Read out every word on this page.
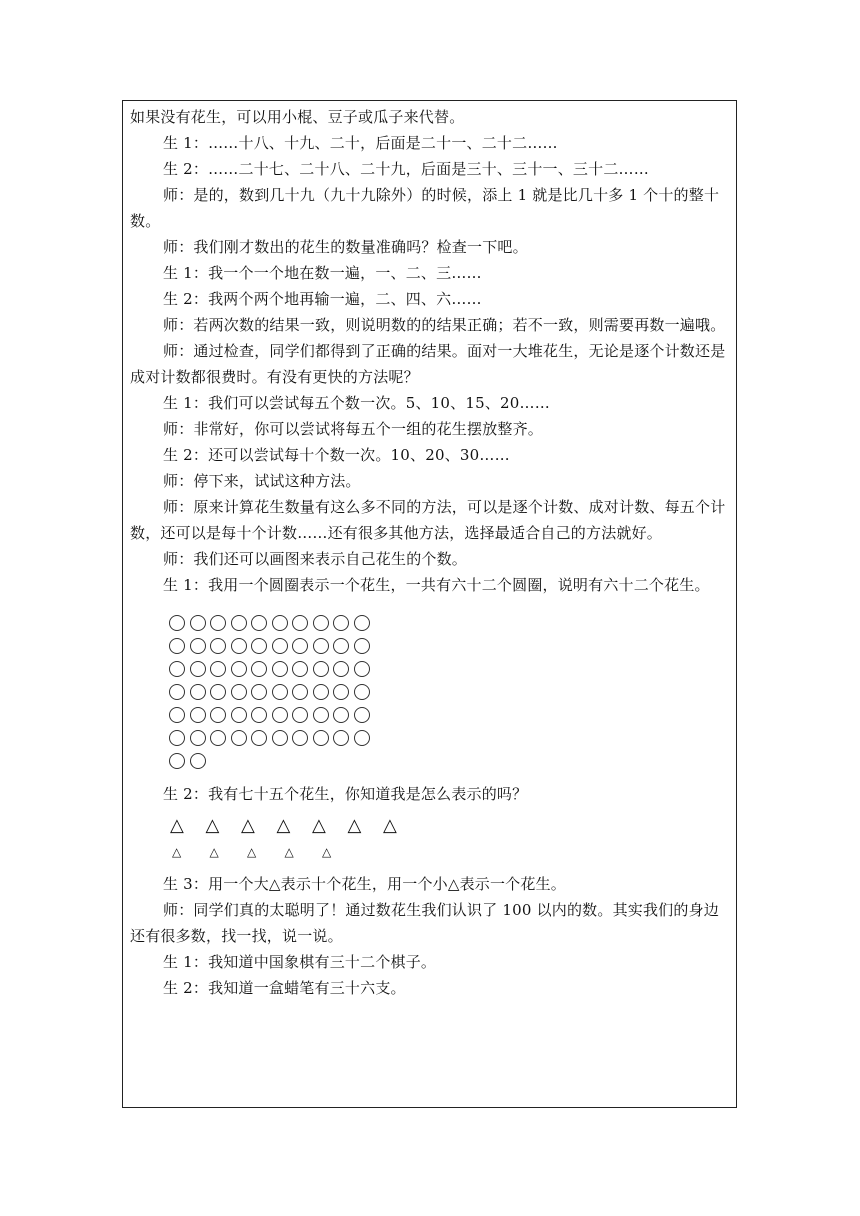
如果没有花生，可以用小棍、豆子或瓜子来代替。

生 1：……十八、十九、二十，后面是二十一、二十二……

生 2：……二十七、二十八、二十九，后面是三十、三十一、三十二……

师：是的，数到几十九（九十九除外）的时候，添上 1 就是比几十多 1 个十的整十数。

师：我们刚才数出的花生的数量准确吗？检查一下吧。

生 1：我一个一个地在数一遍，一、二、三……

生 2：我两个两个地再输一遍，二、四、六……

师：若两次数的结果一致，则说明数的的结果正确；若不一致，则需要再数一遍哦。

师：通过检查，同学们都得到了正确的结果。面对一大堆花生，无论是逐个计数还是成对计数都很费时。有没有更快的方法呢？

生 1：我们可以尝试每五个数一次。5、10、15、20……

师：非常好，你可以尝试将每五个一组的花生摆放整齐。

生 2：还可以尝试每十个数一次。10、20、30……

师：停下来，试试这种方法。

师：原来计算花生数量有这么多不同的方法，可以是逐个计数、成对计数、每五个计数，还可以是每十个计数……还有很多其他方法，选择最适合自己的方法就好。

师：我们还可以画图来表示自己花生的个数。

生 1：我用一个圆圈表示一个花生，一共有六十二个圆圈，说明有六十二个花生。

生 2：我有七十五个花生，你知道我是怎么表示的吗？

△	△	△	△	△	△	△
△	△	△	△	△

生 3：用一个大△表示十个花生，用一个小△表示一个花生。

师：同学们真的太聪明了！通过数花生我们认识了 100 以内的数。其实我们的身边还有很多数，找一找，说一说。

生 1：我知道中国象棋有三十二个棋子。

生 2：我知道一盒蜡笔有三十六支。
